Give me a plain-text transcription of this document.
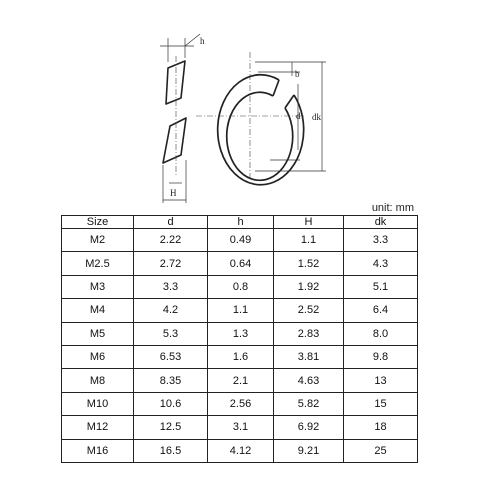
h
H
b
d dk
unit: mm
Size	d	h	H	dk
M2	2.22	0.49	1.1	3.3
M2.5	2.72	0.64	1.52	4.3
M3	3.3	0.8	1.92	5.1
M4	4.2	1.1	2.52	6.4
M5	5.3	1.3	2.83	8.0
M6	6.53	1.6	3.81	9.8
M8	8.35	2.1	4.63	13
M10	10.6	2.56	5.82	15
M12	12.5	3.1	6.92	18
M16	16.5	4.12	9.21	25
